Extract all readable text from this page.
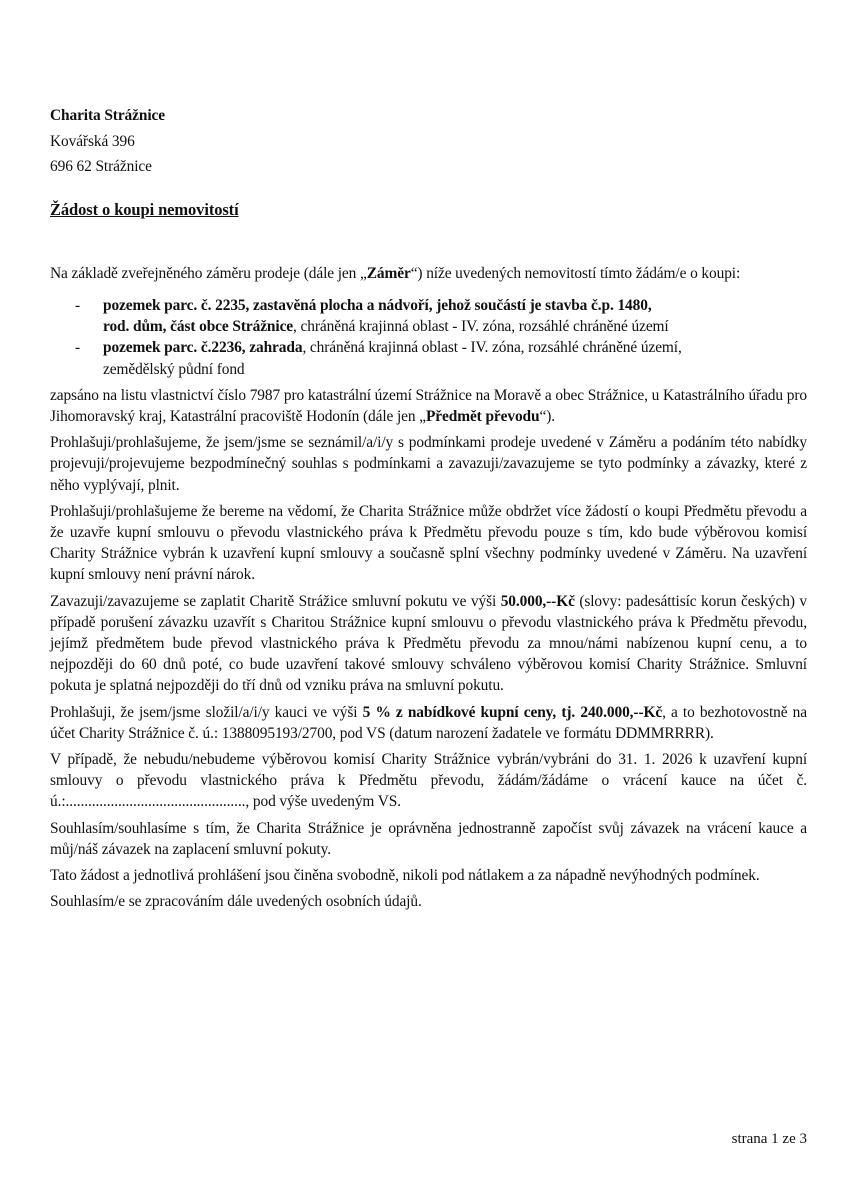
Charita Strážnice
Kovářská 396
696 62 Strážnice
Žádost o koupi nemovitostí

Na základě zveřejněného záměru prodeje (dále jen „Záměr“) níže uvedených nemovitostí tímto žádám/e o koupi:

- pozemek parc. č. 2235, zastavěná plocha a nádvoří, jehož součástí je stavba č.p. 1480,
rod. dům, část obce Strážnice, chráněná krajinná oblast - IV. zóna, rozsáhlé chráněné území
- pozemek parc. č.2236, zahrada, chráněná krajinná oblast - IV. zóna, rozsáhlé chráněné území,
zemědělský půdní fond

zapsáno na listu vlastnictví číslo 7987 pro katastrální území Strážnice na Moravě a obec Strážnice, u Katastrálního úřadu pro Jihomoravský kraj, Katastrální pracoviště Hodonín (dále jen „Předmět převodu“).

Prohlašuji/prohlašujeme, že jsem/jsme se seznámil/a/i/y s podmínkami prodeje uvedené v Záměru a podáním této nabídky projevuji/projevujeme bezpodmínečný souhlas s podmínkami a zavazuji/zavazujeme se tyto podmínky a závazky, které z něho vyplývají, plnit.

Prohlašuji/prohlašujeme že bereme na vědomí, že Charita Strážnice může obdržet více žádostí o koupi Předmětu převodu a že uzavře kupní smlouvu o převodu vlastnického práva k Předmětu převodu pouze s tím, kdo bude výběrovou komisí Charity Strážnice vybrán k uzavření kupní smlouvy a současně splní všechny podmínky uvedené v Záměru. Na uzavření kupní smlouvy není právní nárok.

Zavazuji/zavazujeme se zaplatit Charitě Strážice smluvní pokutu ve výši 50.000,--Kč (slovy: padesáttisíc korun českých) v případě porušení závazku uzavřít s Charitou Strážnice kupní smlouvu o převodu vlastnického práva k Předmětu převodu, jejímž předmětem bude převod vlastnického práva k Předmětu převodu za mnou/námi nabízenou kupní cenu, a to nejpozději do 60 dnů poté, co bude uzavření takové smlouvy schváleno výběrovou komisí Charity Strážnice. Smluvní pokuta je splatná nejpozději do tří dnů od vzniku práva na smluvní pokutu.

Prohlašuji, že jsem/jsme složil/a/i/y kauci ve výši 5 % z nabídkové kupní ceny, tj. 240.000,--Kč, a to bezhotovostně na účet Charity Strážnice č. ú.: 1388095193/2700, pod VS (datum narození žadatele ve formátu DDMMRRRR).

V případě, že nebudu/nebudeme výběrovou komisí Charity Strážnice vybrán/vybráni do 31. 1. 2026 k uzavření kupní smlouvy o převodu vlastnického práva k Předmětu převodu, žádám/žádáme o vrácení kauce na účet č. ú.:................................................, pod výše uvedeným VS.

Souhlasím/souhlasíme s tím, že Charita Strážnice je oprávněna jednostranně započíst svůj závazek na vrácení kauce a můj/náš závazek na zaplacení smluvní pokuty.

Tato žádost a jednotlivá prohlášení jsou činěna svobodně, nikoli pod nátlakem a za nápadně nevýhodných podmínek.

Souhlasím/e se zpracováním dále uvedených osobních údajů.

strana 1 ze 3
